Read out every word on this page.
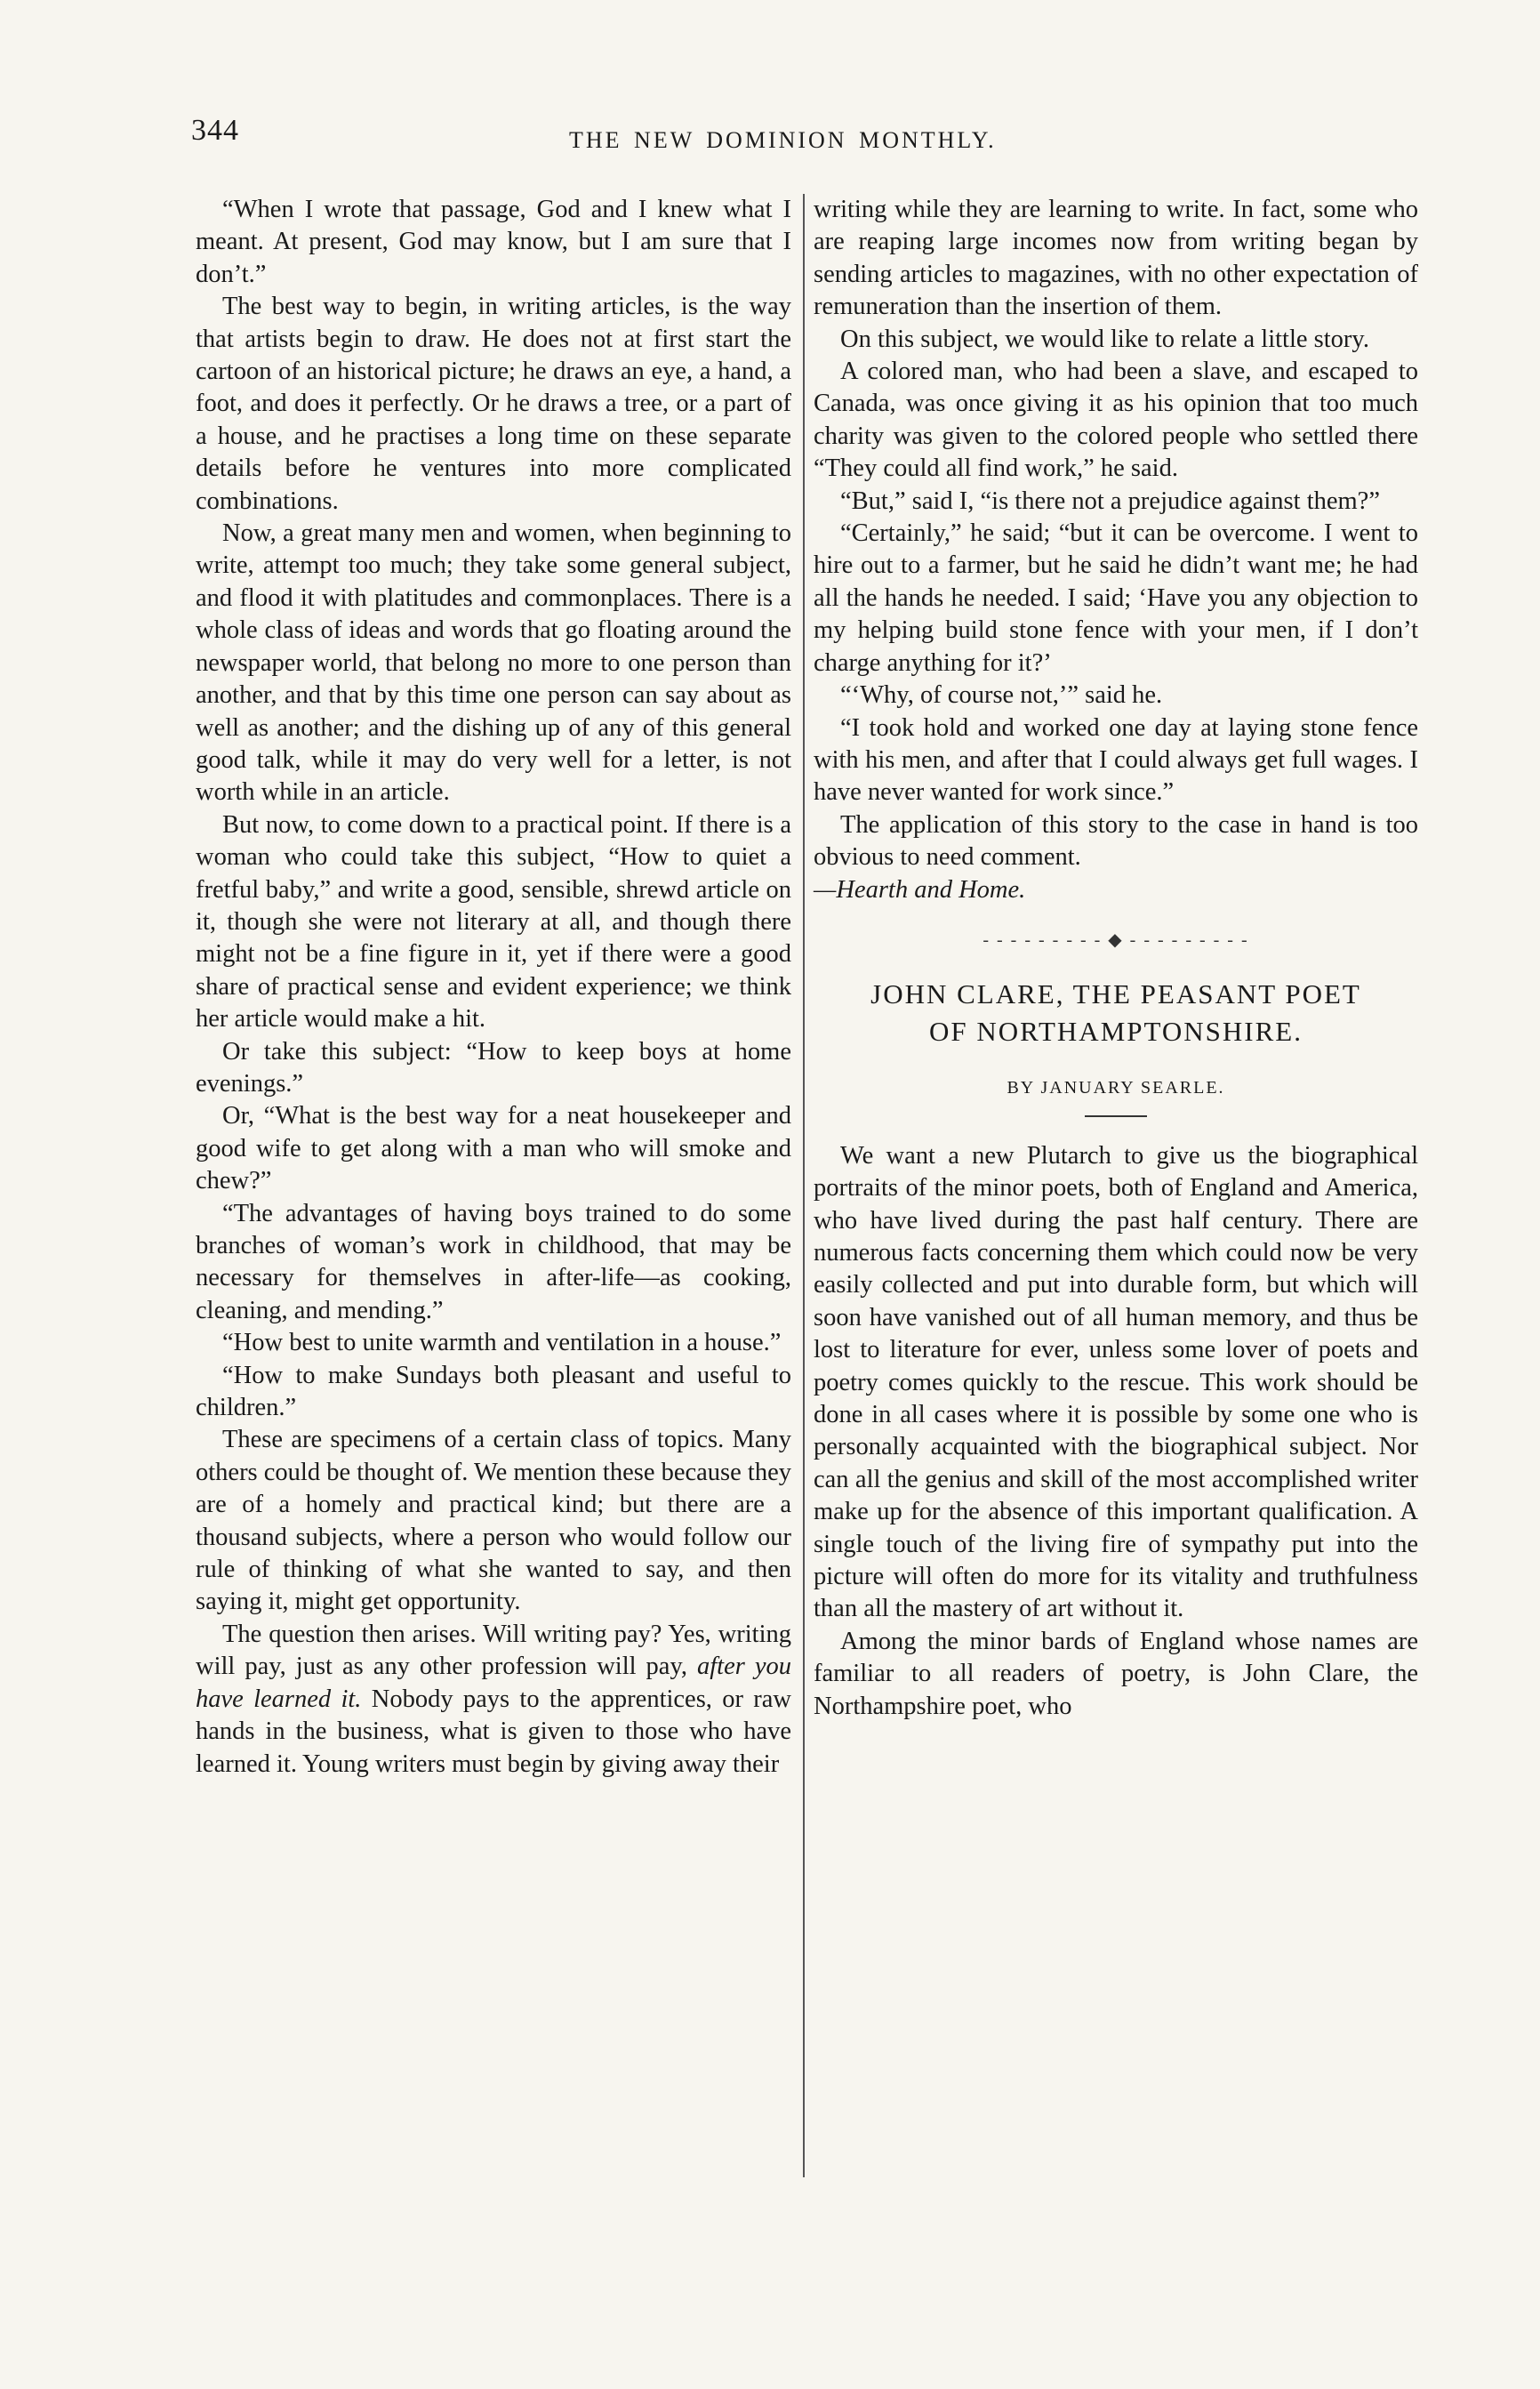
344	THE NEW DOMINION MONTHLY.

“When I wrote that passage, God and I knew what I meant. At present, God may know, but I am sure that I don’t.”

The best way to begin, in writing articles, is the way that artists begin to draw. He does not at first start the cartoon of an historical picture; he draws an eye, a hand, a foot, and does it perfectly. Or he draws a tree, or a part of a house, and he practises a long time on these separate details before he ventures into more complicated combinations.

Now, a great many men and women, when beginning to write, attempt too much; they take some general subject, and flood it with platitudes and commonplaces. There is a whole class of ideas and words that go floating around the newspaper world, that belong no more to one person than another, and that by this time one person can say about as well as another; and the dishing up of any of this general good talk, while it may do very well for a letter, is not worth while in an article.

But now, to come down to a practical point. If there is a woman who could take this subject, “How to quiet a fretful baby,” and write a good, sensible, shrewd article on it, though she were not literary at all, and though there might not be a fine figure in it, yet if there were a good share of practical sense and evident experience; we think her article would make a hit.

Or take this subject: “How to keep boys at home evenings.”

Or, “What is the best way for a neat housekeeper and good wife to get along with a man who will smoke and chew?”

“The advantages of having boys trained to do some branches of woman’s work in childhood, that may be necessary for themselves in after-life—as cooking, cleaning, and mending.”

“How best to unite warmth and ventilation in a house.”

“How to make Sundays both pleasant and useful to children.”

These are specimens of a certain class of topics. Many others could be thought of. We mention these because they are of a homely and practical kind; but there are a thousand subjects, where a person who would follow our rule of thinking of what she wanted to say, and then saying it, might get opportunity.

The question then arises. Will writing pay? Yes, writing will pay, just as any other profession will pay, after you have learned it. Nobody pays to the apprentices, or raw hands in the business, what is given to those who have learned it. Young writers must begin by giving away their

writing while they are learning to write. In fact, some who are reaping large incomes now from writing began by sending articles to magazines, with no other expectation of remuneration than the insertion of them.

On this subject, we would like to relate a little story.

A colored man, who had been a slave, and escaped to Canada, was once giving it as his opinion that too much charity was given to the colored people who settled there “They could all find work,” he said.

“But,” said I, “is there not a prejudice against them?”

“Certainly,” he said; “but it can be overcome. I went to hire out to a farmer, but he said he didn’t want me; he had all the hands he needed. I said; ‘Have you any objection to my helping build stone fence with your men, if I don’t charge anything for it?’

“‘Why, of course not,’” said he.

“I took hold and worked one day at laying stone fence with his men, and after that I could always get full wages. I have never wanted for work since.”

The application of this story to the case in hand is too obvious to need comment.

—Hearth and Home.

- - - - - - - - - ◆ - - - - - - - - -
JOHN CLARE, THE PEASANT POET
OF NORTHAMPTONSHIRE.
BY JANUARY SEARLE.

We want a new Plutarch to give us the biographical portraits of the minor poets, both of England and America, who have lived during the past half century. There are numerous facts concerning them which could now be very easily collected and put into durable form, but which will soon have vanished out of all human memory, and thus be lost to literature for ever, unless some lover of poets and poetry comes quickly to the rescue. This work should be done in all cases where it is possible by some one who is personally acquainted with the biographical subject. Nor can all the genius and skill of the most accomplished writer make up for the absence of this important qualification. A single touch of the living fire of sympathy put into the picture will often do more for its vitality and truthfulness than all the mastery of art without it.

Among the minor bards of England whose names are familiar to all readers of poetry, is John Clare, the Northampshire poet, who
